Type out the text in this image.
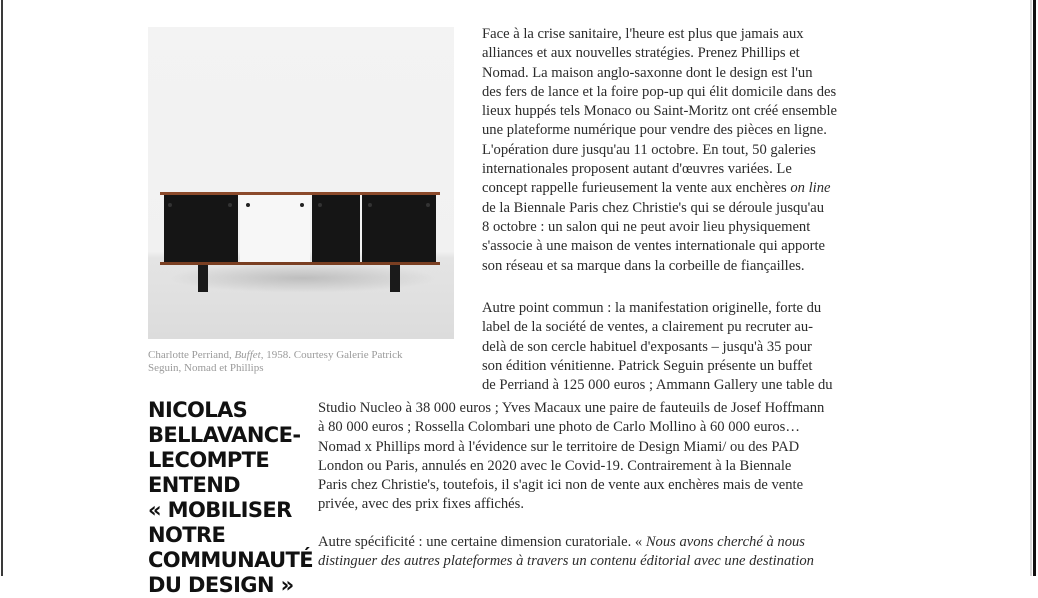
Charlotte Perriand, Buffet, 1958. Courtesy Galerie Patrick
Seguin, Nomad et Phillips
NICOLAS
BELLAVANCE-
LECOMPTE
ENTEND
« MOBILISER
NOTRE
COMMUNAUTÉ
DU DESIGN »

Face à la crise sanitaire, l'heure est plus que jamais aux

alliances et aux nouvelles stratégies. Prenez Phillips et

Nomad. La maison anglo-saxonne dont le design est l'un

des fers de lance et la foire pop-up qui élit domicile dans des

lieux huppés tels Monaco ou Saint-Moritz ont créé ensemble

une plateforme numérique pour vendre des pièces en ligne.

L'opération dure jusqu'au 11 octobre. En tout, 50 galeries

internationales proposent autant d'œuvres variées. Le

concept rappelle furieusement la vente aux enchères on line

de la Biennale Paris chez Christie's qui se déroule jusqu'au

8 octobre : un salon qui ne peut avoir lieu physiquement

s'associe à une maison de ventes internationale qui apporte

son réseau et sa marque dans la corbeille de fiançailles.

Autre point commun : la manifestation originelle, forte du

label de la société de ventes, a clairement pu recruter au-

delà de son cercle habituel d'exposants – jusqu'à 35 pour

son édition vénitienne. Patrick Seguin présente un buffet

de Perriand à 125 000 euros ; Ammann Gallery une table du

Studio Nucleo à 38 000 euros ; Yves Macaux une paire de fauteuils de Josef Hoffmann

à 80 000 euros ; Rossella Colombari une photo de Carlo Mollino à 60 000 euros…

Nomad x Phillips mord à l'évidence sur le territoire de Design Miami/ ou des PAD

London ou Paris, annulés en 2020 avec le Covid-19. Contrairement à la Biennale

Paris chez Christie's, toutefois, il s'agit ici non de vente aux enchères mais de vente

privée, avec des prix fixes affichés.

Autre spécificité : une certaine dimension curatoriale. « Nous avons cherché à nous

distinguer des autres plateformes à travers un contenu éditorial avec une destination
